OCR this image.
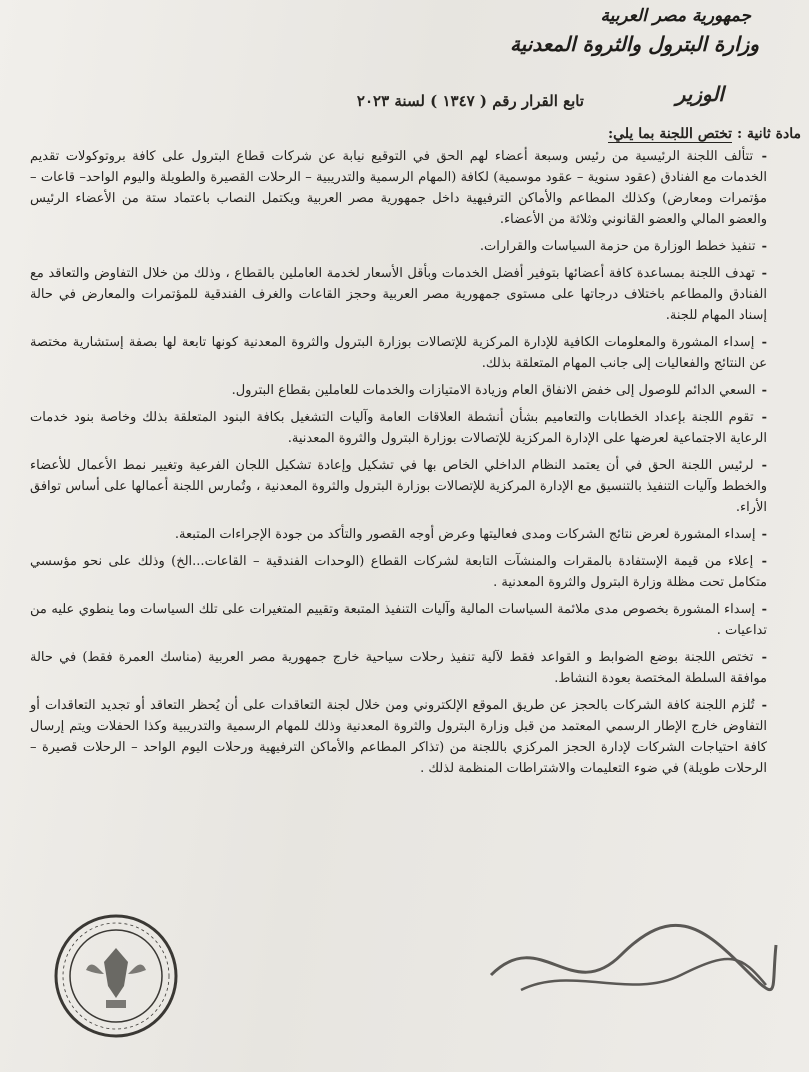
جمهورية مصر العربية
وزارة البترول والثروة المعدنية
الوزير
تابع القرار رقم ( ١٣٤٧ ) لسنة ٢٠٢٣
مادة ثانية : تختص اللجنة بما يلي:
- تتألف اللجنة الرئيسية من رئيس وسبعة أعضاء لهم الحق في التوقيع نيابة عن شركات قطاع البترول على كافة بروتوكولات تقديم الخدمات مع الفنادق (عقود سنوية – عقود موسمية) لكافة (المهام الرسمية والتدريبية – الرحلات القصيرة والطويلة واليوم الواحد– قاعات – مؤتمرات ومعارض) وكذلك المطاعم والأماكن الترفيهية داخل جمهورية مصر العربية ويكتمل النصاب باعتماد ستة من الأعضاء الرئيس والعضو المالي والعضو القانوني وثلاثة من الأعضاء.
- تنفيذ خطط الوزارة من حزمة السياسات والقرارات.
- تهدف اللجنة بمساعدة كافة أعضائها بتوفير أفضل الخدمات وبأقل الأسعار لخدمة العاملين بالقطاع ، وذلك من خلال التفاوض والتعاقد مع الفنادق والمطاعم باختلاف درجاتها على مستوى جمهورية مصر العربية وحجز القاعات والغرف الفندقية للمؤتمرات والمعارض في حالة إسناد المهام للجنة.
- إسداء المشورة والمعلومات الكافية للإدارة المركزية للإتصالات بوزارة البترول والثروة المعدنية كونها تابعة لها بصفة إستشارية مختصة عن النتائج والفعاليات إلى جانب المهام المتعلقة بذلك.
- السعي الدائم للوصول إلى خفض الانفاق العام وزيادة الامتيازات والخدمات للعاملين بقطاع البترول.
- تقوم اللجنة بإعداد الخطابات والتعاميم بشأن أنشطة العلاقات العامة وآليات التشغيل بكافة البنود المتعلقة بذلك وخاصة بنود خدمات الرعاية الاجتماعية لعرضها على الإدارة المركزية للإتصالات بوزارة البترول والثروة المعدنية.
- لرئيس اللجنة الحق في أن يعتمد النظام الداخلي الخاص بها في تشكيل وإعادة تشكيل اللجان الفرعية وتغيير نمط الأعمال للأعضاء والخطط وآليات التنفيذ بالتنسيق مع الإدارة المركزية للإتصالات بوزارة البترول والثروة المعدنية ، وتُمارس اللجنة أعمالها على أساس توافق الأراء.
- إسداء المشورة لعرض نتائج الشركات ومدى فعاليتها وعرض أوجه القصور والتأكد من جودة الإجراءات المتبعة.
- إعلاء من قيمة الإستفادة بالمقرات والمنشآت التابعة لشركات القطاع (الوحدات الفندقية – القاعات...الخ) وذلك على نحو مؤسسي متكامل تحت مظلة وزارة البترول والثروة المعدنية .
- إسداء المشورة بخصوص مدى ملائمة السياسات المالية وآليات التنفيذ المتبعة وتقييم المتغيرات على تلك السياسات وما ينطوي عليه من تداعيات .
- تختص اللجنة بوضع الضوابط و القواعد فقط لآلية تنفيذ رحلات سياحية خارج جمهورية مصر العربية (مناسك العمرة فقط) في حالة موافقة السلطة المختصة بعودة النشاط.
- تُلزم اللجنة كافة الشركات بالحجز عن طريق الموقع الإلكتروني ومن خلال لجنة التعاقدات على أن يُحظر التعاقد أو تجديد التعاقدات أو التفاوض خارج الإطار الرسمي المعتمد من قبل وزارة البترول والثروة المعدنية وذلك للمهام الرسمية والتدريبية وكذا الحفلات ويتم إرسال كافة احتياجات الشركات لإدارة الحجز المركزي باللجنة من (تذاكر المطاعم والأماكن الترفيهية ورحلات اليوم الواحد – الرحلات قصيرة – الرحلات طويلة) في ضوء التعليمات والاشتراطات المنظمة لذلك .
